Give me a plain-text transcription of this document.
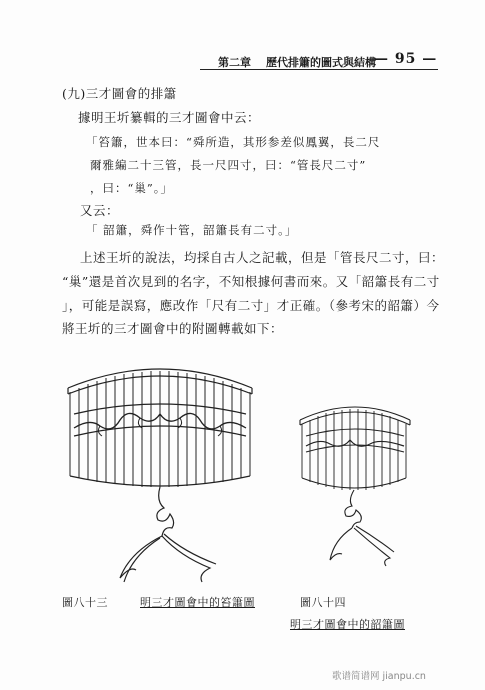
第二章 歷代排簫的圖式與結構
— 95 —
(九)三才圖會的排簫
據明王圻纂輯的三才圖會中云：
「笞簫，世本曰：“舜所造，其形参差似鳳翼，長二尺
爾雅編二十三管，長一尺四寸，曰：“管長尺二寸”
，曰：“巢”。」
又云：
「 韶簫，舜作十管，韶簫長有二寸。」
上述王圻的說法，均採自古人之記載，但是「管長尺二寸，曰：
“巢”還是首次見到的名字，不知根據何書而來。又「韶簫長有二寸
」，可能是誤寫，應改作「尺有二寸」才正確。（參考宋的韶簫）今
將王圻的三才圖會中的附圖轉載如下：
圖八十三	明三才圖會中的笞簫圖	圖八十四
明三才圖會中的韶簫圖
歌谱简谱网 jianpu.cn
